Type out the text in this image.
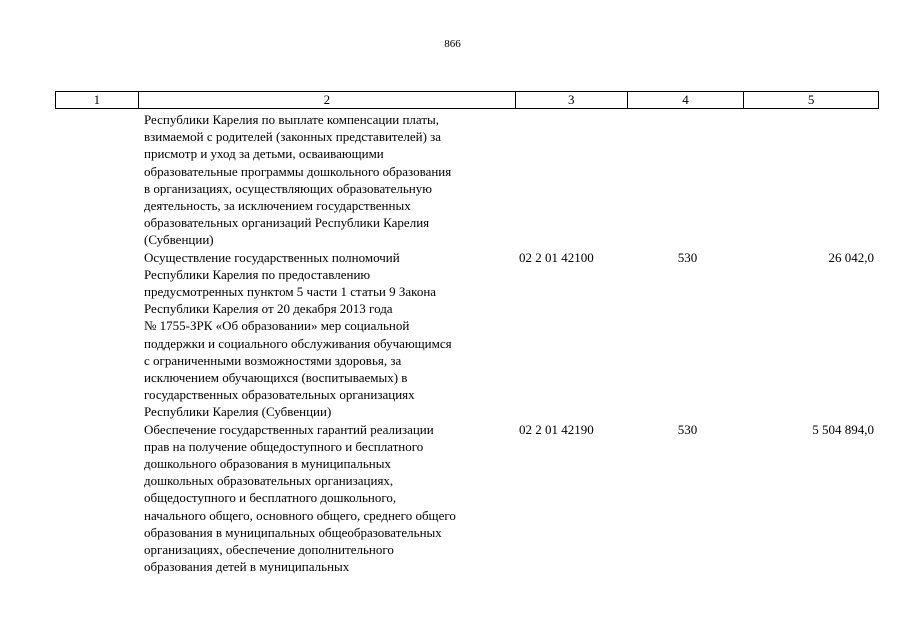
866
1	2	3	4	5
Республики Карелия по выплате компенсации платы,
взимаемой с родителей (законных представителей) за
присмотр и уход за детьми, осваивающими
образовательные программы дошкольного образования
в организациях, осуществляющих образовательную
деятельность, за исключением государственных
образовательных организаций Республики Карелия
(Субвенции)
Осуществление государственных полномочий
Республики Карелия по предоставлению
предусмотренных пунктом 5 части 1 статьи 9 Закона
Республики Карелия от 20 декабря 2013 года
№ 1755-ЗРК «Об образовании» мер социальной
поддержки и социального обслуживания обучающимся
с ограниченными возможностями здоровья, за
исключением обучающихся (воспитываемых) в
государственных образовательных организациях
Республики Карелия (Субвенции)
02 2 01 42100	530	26 042,0
Обеспечение государственных гарантий реализации
прав на получение общедоступного и бесплатного
дошкольного образования в муниципальных
дошкольных образовательных организациях,
общедоступного и бесплатного дошкольного,
начального общего, основного общего, среднего общего
образования в муниципальных общеобразовательных
организациях, обеспечение дополнительного
образования детей в муниципальных
02 2 01 42190	530	5 504 894,0
